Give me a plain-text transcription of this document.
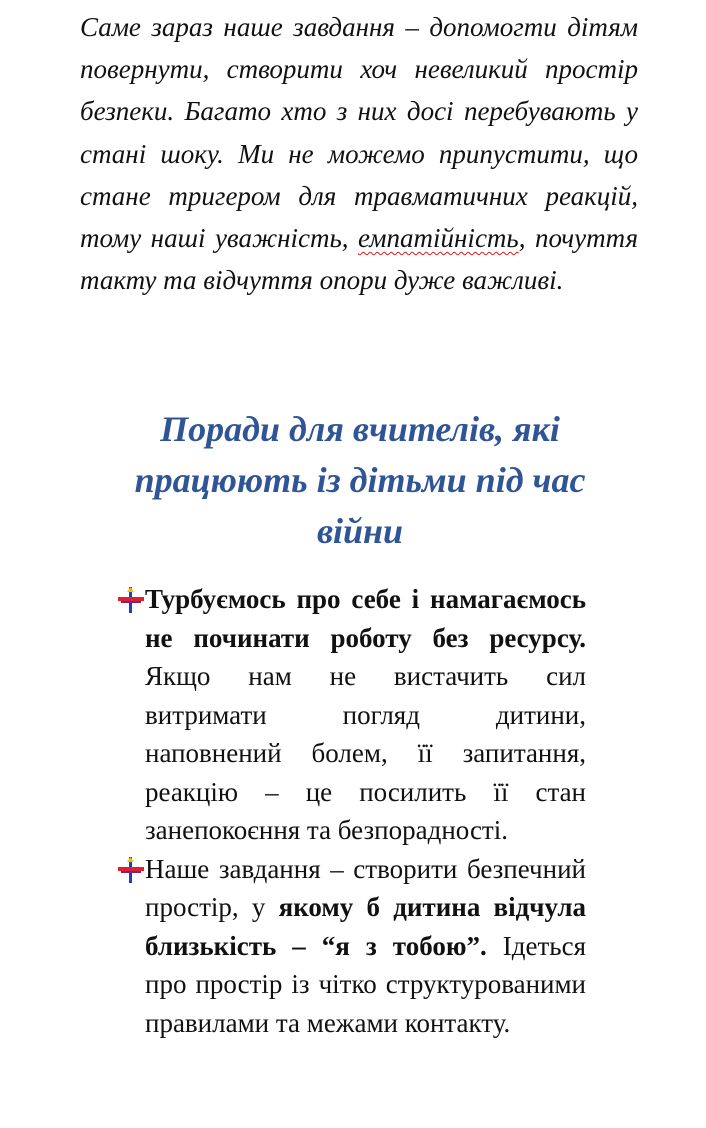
Саме зараз наше завдання – допомогти дітям повернути, створити хоч невеликий простір безпеки. Багато хто з них досі перебувають у стані шоку. Ми не можемо припустити, що стане тригером для травматичних реакцій, тому наші уважність, емпатійність, почуття такту та відчуття опори дуже важливі.

Поради для вчителів, які працюють із дітьми під час війни
Турбуємось про себе і намагаємось не починати роботу без ресурсу. Якщо нам не вистачить сил витримати погляд дитини, наповнений болем, її запитання, реакцію – це посилить її стан занепокоєння та безпорадності.
Наше завдання – створити безпечний простір, у якому б дитина відчула близькість – “я з тобою”. Ідеться про простір із чітко структурованими правилами та межами контакту.
